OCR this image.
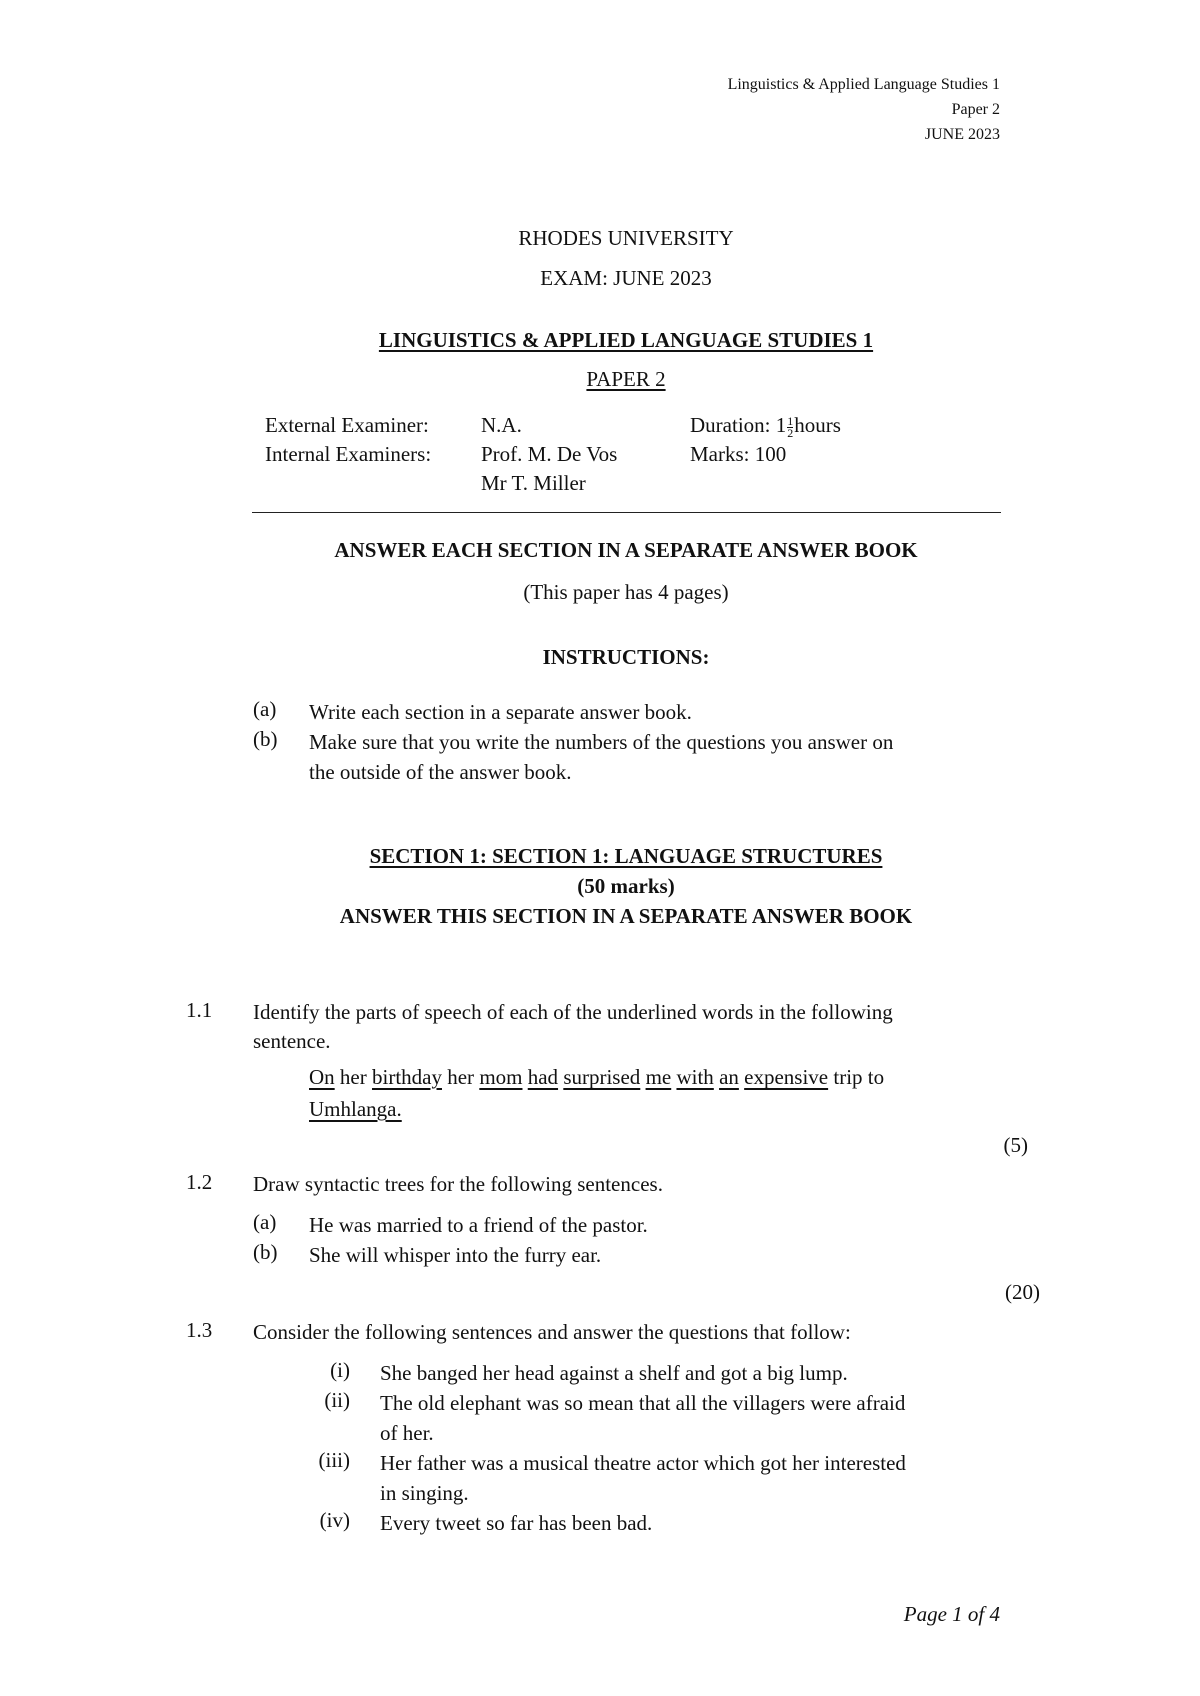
Linguistics & Applied Language Studies 1
Paper 2
JUNE 2023
RHODES UNIVERSITY
EXAM: JUNE 2023
LINGUISTICS & APPLIED LANGUAGE STUDIES 1
PAPER 2
External Examiner:
Internal Examiners:
N.A.
Prof. M. De Vos
Mr T. Miller
Duration: $1 \frac{1}{2}$ hours
Marks: 100
ANSWER EACH SECTION IN A SEPARATE ANSWER BOOK
(This paper has 4 pages)
INSTRUCTIONS:
(a) Write each section in a separate answer book.
(b) Make sure that you write the numbers of the questions you answer on
the outside of the answer book.
SECTION 1: SECTION 1: LANGUAGE STRUCTURES
(50 marks)
ANSWER THIS SECTION IN A SEPARATE ANSWER BOOK
1.1 Identify the parts of speech of each of the underlined words in the following
sentence.
On her birthday her mom had surprised me with an expensive trip to
Umhlanga.
(5)
1.2 Draw syntactic trees for the following sentences.
(a) He was married to a friend of the pastor.
(b) She will whisper into the furry ear.
(20)
1.3 Consider the following sentences and answer the questions that follow:
(i) She banged her head against a shelf and got a big lump.
(ii) The old elephant was so mean that all the villagers were afraid
of her.
(iii) Her father was a musical theatre actor which got her interested
in singing.
(iv) Every tweet so far has been bad.
Page 1 of 4
